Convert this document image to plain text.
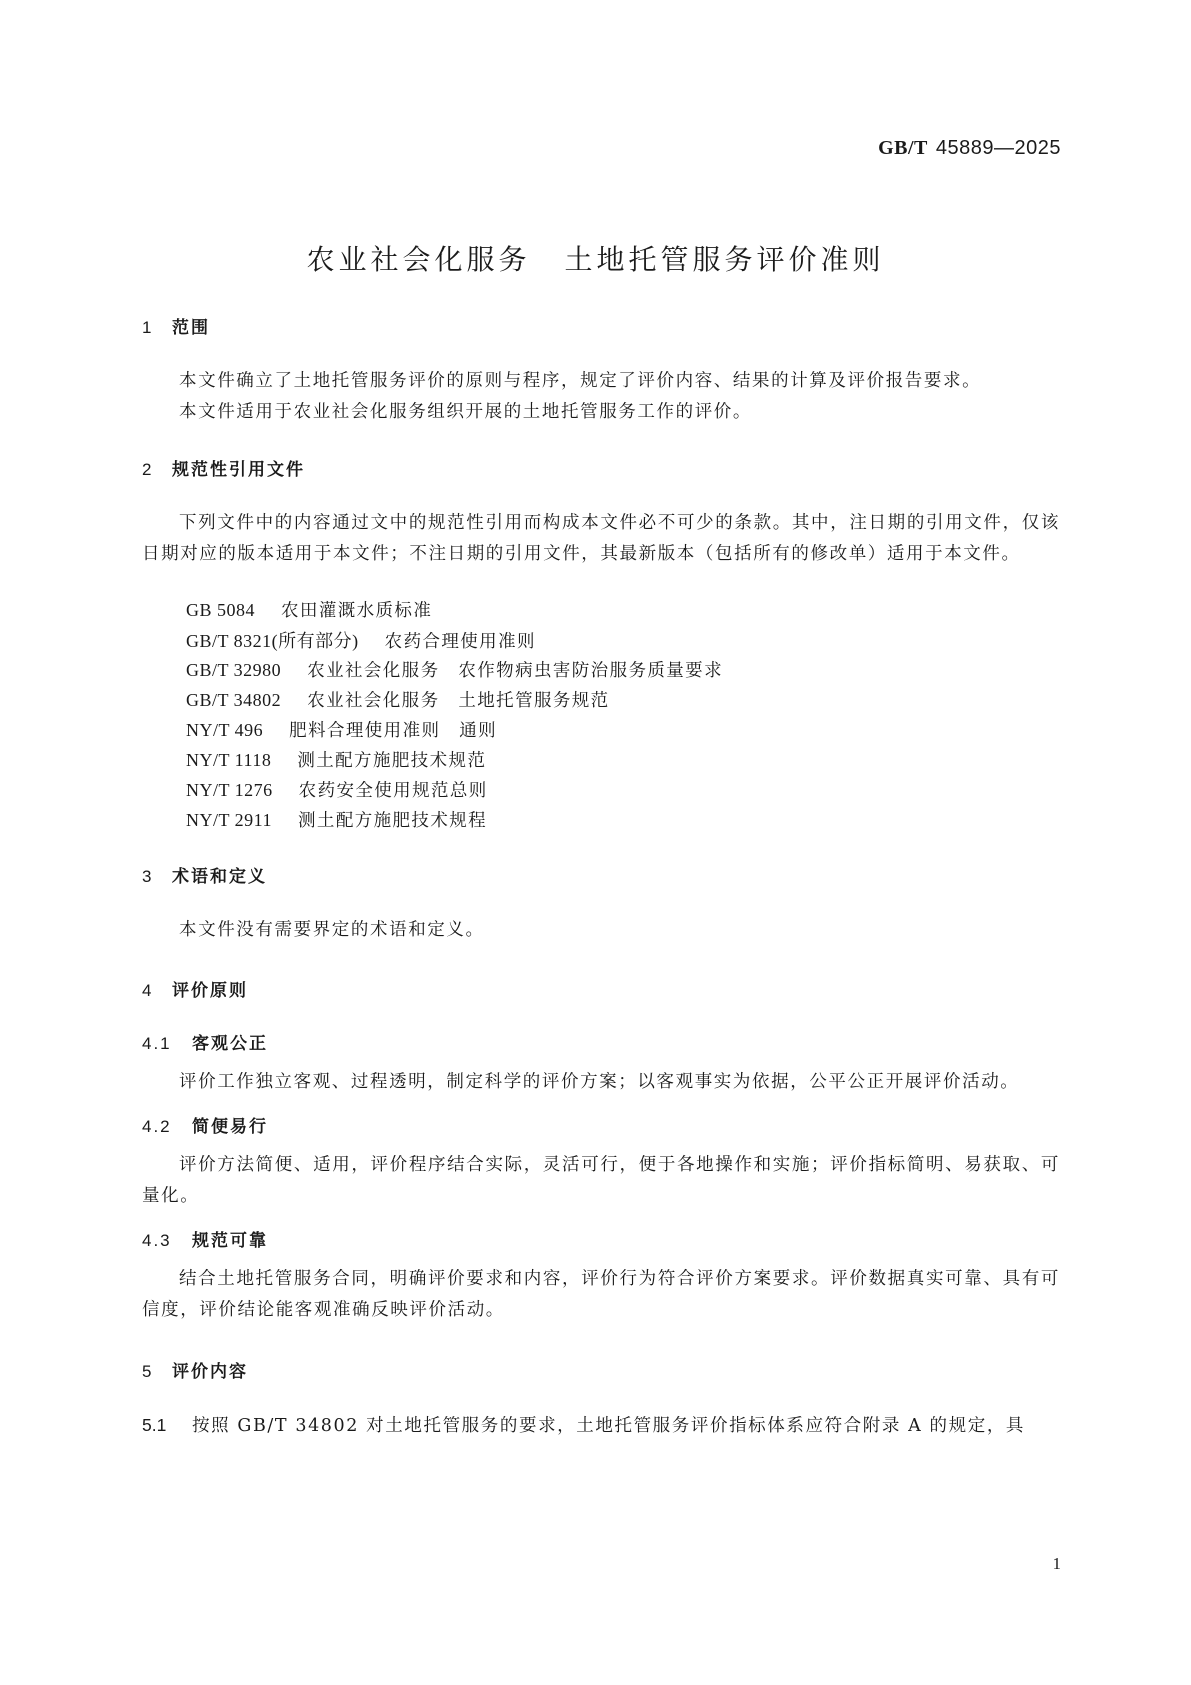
GB/T 45889—2025
农业社会化服务 土地托管服务评价准则
1 范围
本文件确立了土地托管服务评价的原则与程序，规定了评价内容、结果的计算及评价报告要求。
本文件适用于农业社会化服务组织开展的土地托管服务工作的评价。
2 规范性引用文件
下列文件中的内容通过文中的规范性引用而构成本文件必不可少的条款。其中，注日期的引用文件，仅该日期对应的版本适用于本文件；不注日期的引用文件，其最新版本（包括所有的修改单）适用于本文件。
GB 5084 农田灌溉水质标准
GB/T 8321(所有部分) 农药合理使用准则
GB/T 32980 农业社会化服务　农作物病虫害防治服务质量要求
GB/T 34802 农业社会化服务　土地托管服务规范
NY/T 496 肥料合理使用准则　通则
NY/T 1118 测土配方施肥技术规范
NY/T 1276 农药安全使用规范总则
NY/T 2911 测土配方施肥技术规程
3 术语和定义
本文件没有需要界定的术语和定义。
4 评价原则
4.1 客观公正
评价工作独立客观、过程透明，制定科学的评价方案；以客观事实为依据，公平公正开展评价活动。
4.2 简便易行
评价方法简便、适用，评价程序结合实际，灵活可行，便于各地操作和实施；评价指标简明、易获取、可量化。
4.3 规范可靠
结合土地托管服务合同，明确评价要求和内容，评价行为符合评价方案要求。评价数据真实可靠、具有可信度，评价结论能客观准确反映评价活动。
5 评价内容
5.1 按照 GB/T 34802 对土地托管服务的要求，土地托管服务评价指标体系应符合附录 A 的规定，具
1
